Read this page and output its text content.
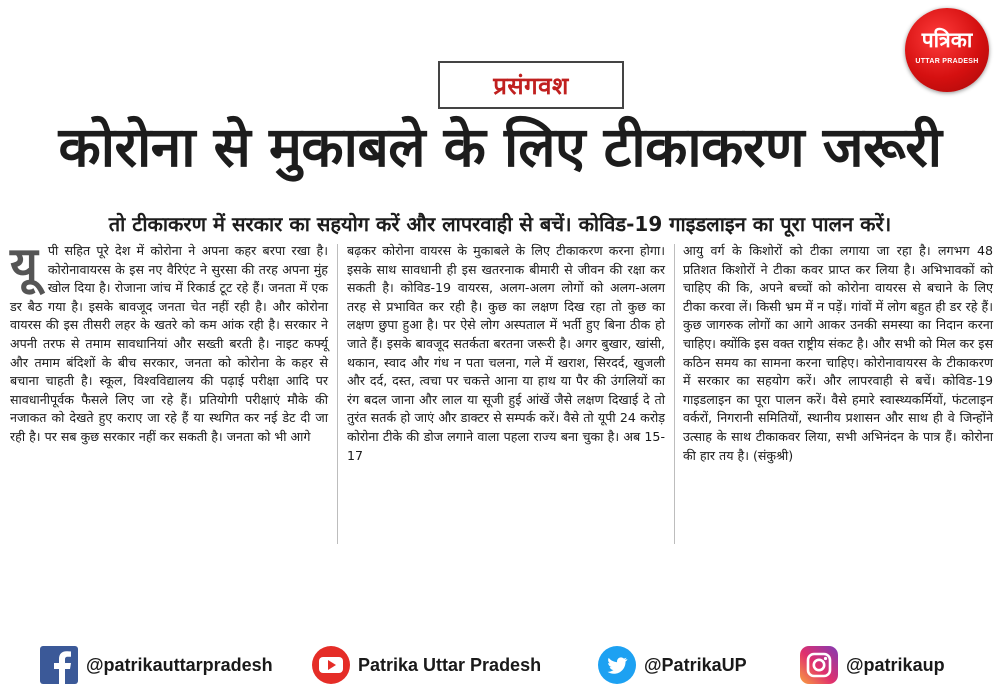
प्रसंगवश
पत्रिका
UTTAR PRADESH
कोरोना से मुकाबले के लिए टीकाकरण जरूरी
तो टीकाकरण में सरकार का सहयोग करें और लापरवाही से बचें। कोविड-19 गाइडलाइन का पूरा पालन करें।
यू पी सहित पूरे देश में कोरोना ने अपना कहर बरपा रखा है। कोरोनावायरस के इस नए वैरिएंट ने सुरसा की तरह अपना मुंह खोल दिया है। रोजाना जांच में रिकार्ड टूट रहे हैं। जनता में एक डर बैठ गया है। इसके बावजूद जनता चेत नहीं रही है। और कोरोना वायरस की इस तीसरी लहर के खतरे को कम आंक रही है। सरकार ने अपनी तरफ से तमाम सावधानियां और सख्ती बरती है। नाइट कर्फ्यू और तमाम बंदिशों के बीच सरकार, जनता को कोरोना के कहर से बचाना चाहती है। स्कूल, विश्वविद्यालय की पढ़ाई परीक्षा आदि पर सावधानीपूर्वक फैसले लिए जा रहे हैं। प्रतियोगी परीक्षाएं मौके की नजाकत को देखते हुए कराए जा रहे हैं या स्थगित कर नई डेट दी जा रही है। पर सब कुछ सरकार नहीं कर सकती है। जनता को भी आगे
बढ़कर कोरोना वायरस के मुकाबले के लिए टीकाकरण करना होगा। इसके साथ सावधानी ही इस खतरनाक बीमारी से जीवन की रक्षा कर सकती है। कोविड-19 वायरस, अलग-अलग लोगों को अलग-अलग तरह से प्रभावित कर रही है। कुछ का लक्षण दिख रहा तो कुछ का लक्षण छुपा हुआ है। पर ऐसे लोग अस्पताल में भर्ती हुए बिना ठीक हो जाते हैं। इसके बावजूद सतर्कता बरतना जरूरी है। अगर बुखार, खांसी, थकान, स्वाद और गंध न पता चलना, गले में खराश, सिरदर्द, खुजली और दर्द, दस्त, त्वचा पर चकत्ते आना या हाथ या पैर की उंगलियों का रंग बदल जाना और लाल या सूजी हुई आंखें जैसे लक्षण दिखाई दे तो तुरंत सतर्क हो जाएं और डाक्टर से सम्पर्क करें। वैसे तो यूपी 24 करोड़ कोरोना टीके की डोज लगाने वाला पहला राज्य बना चुका है। अब 15-17
आयु वर्ग के किशोरों को टीका लगाया जा रहा है। लगभग 48 प्रतिशत किशोरों ने टीका कवर प्राप्त कर लिया है। अभिभावकों को चाहिए की कि, अपने बच्चों को कोरोना वायरस से बचाने के लिए टीका करवा लें। किसी भ्रम में न पड़ें। गांवों में लोग बहुत ही डर रहे हैं। कुछ जागरुक लोगों का आगे आकर उनकी समस्या का निदान करना चाहिए। क्योंकि इस वक्त राष्ट्रीय संकट है। और सभी को मिल कर इस कठिन समय का सामना करना चाहिए। कोरोनावायरस के टीकाकरण में सरकार का सहयोग करें। और लापरवाही से बचें। कोविड-19 गाइडलाइन का पूरा पालन करें। वैसे हमारे स्वास्थ्यकर्मियों, फंटलाइन वर्करों, निगरानी समितियों, स्थानीय प्रशासन और साथ ही वे जिन्होंने उत्साह के साथ टीकाकवर लिया, सभी अभिनंदन के पात्र हैं। कोरोना की हार तय है। (संकुश्री)
@patrikauttarpradesh	Patrika Uttar Pradesh	@PatrikaUP	@patrikaup
